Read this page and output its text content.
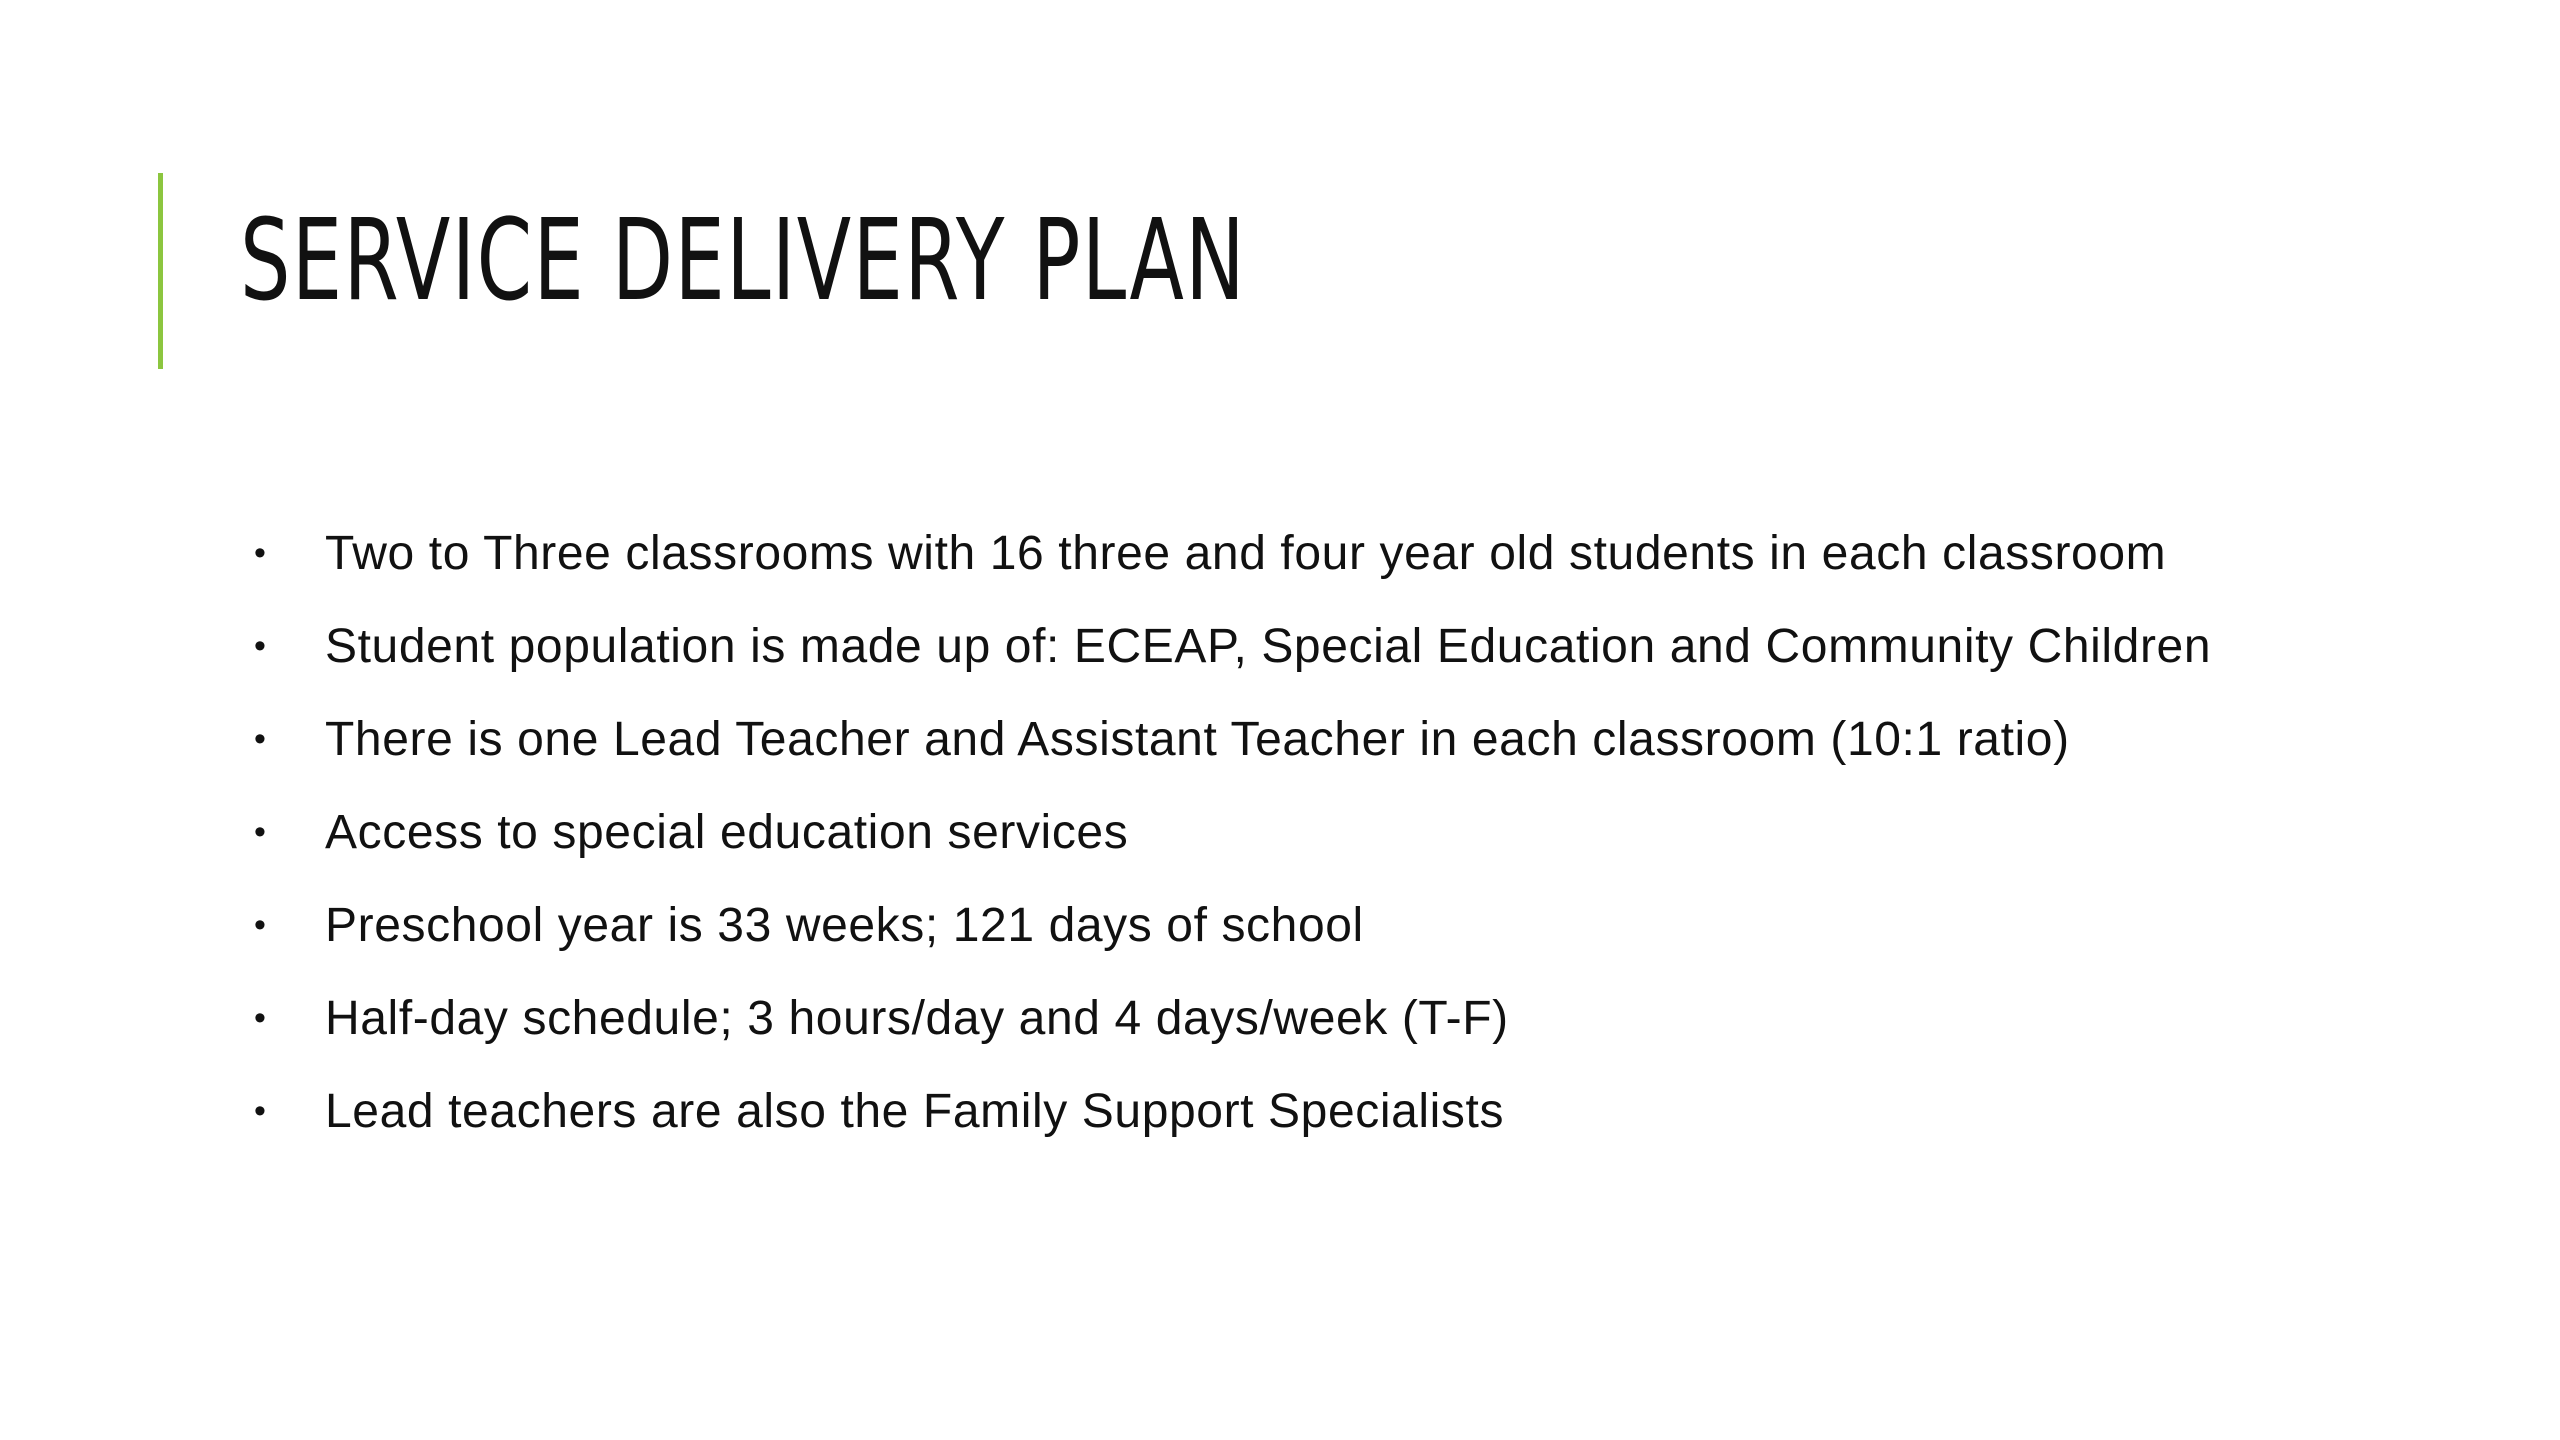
SERVICE DELIVERY PLAN
• Two to Three classrooms with 16 three and four year old students in each classroom
• Student population is made up of: ECEAP, Special Education and Community Children
• There is one Lead Teacher and Assistant Teacher in each classroom (10:1 ratio)
• Access to special education services
• Preschool year is 33 weeks; 121 days of school
• Half-day schedule; 3 hours/day and 4 days/week (T-F)
• Lead teachers are also the Family Support Specialists
